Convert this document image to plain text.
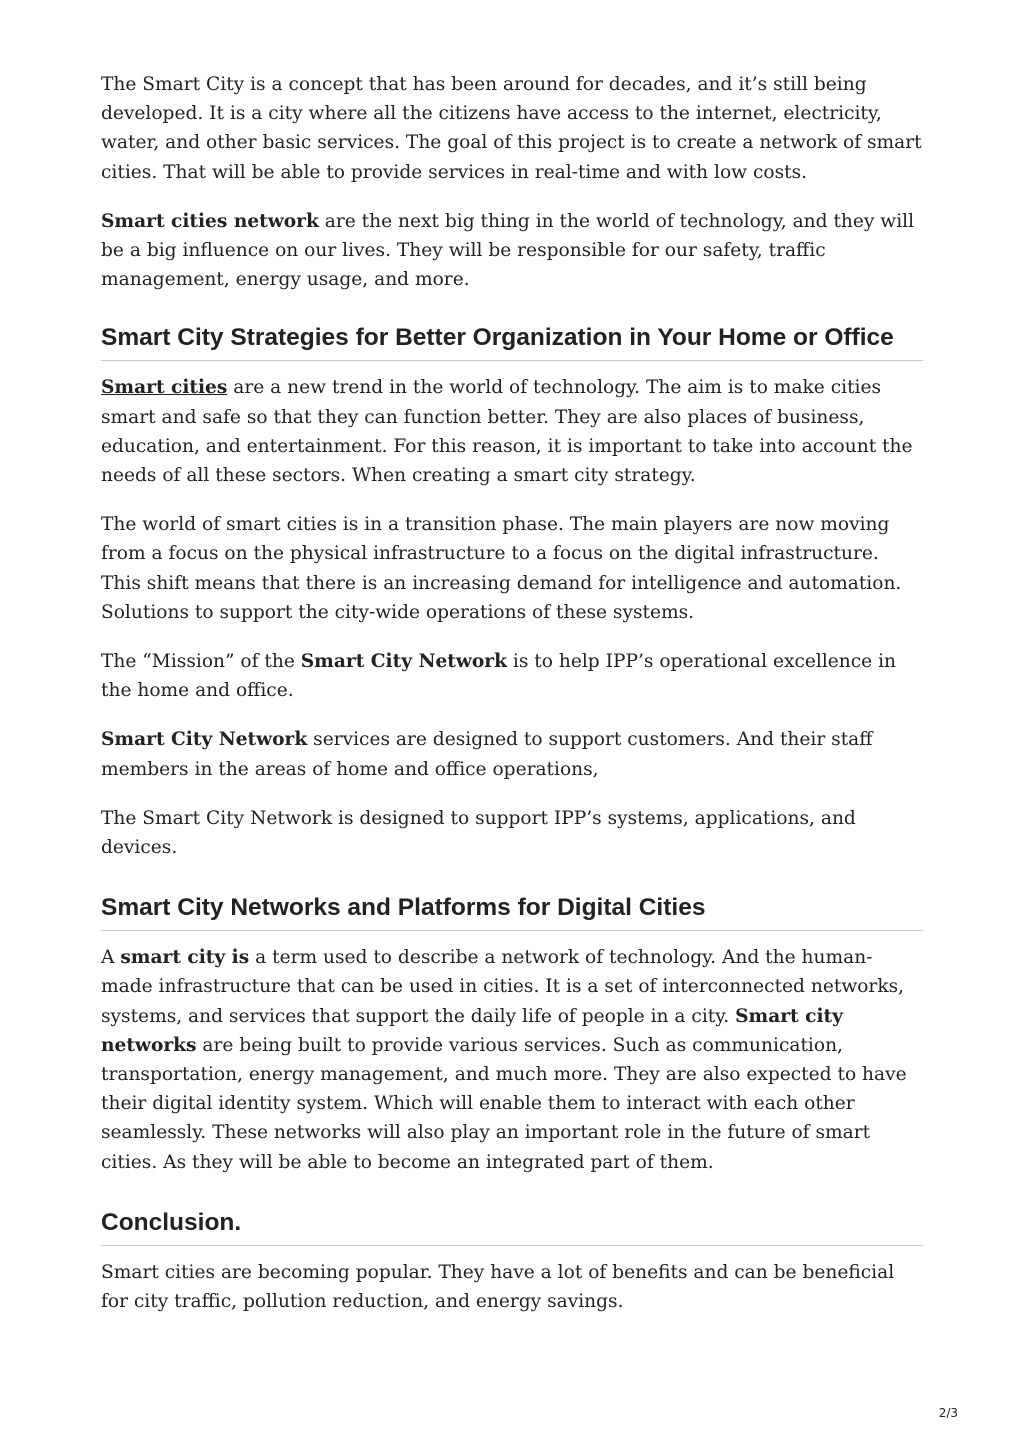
The Smart City is a concept that has been around for decades, and it’s still being developed. It is a city where all the citizens have access to the internet, electricity, water, and other basic services. The goal of this project is to create a network of smart cities. That will be able to provide services in real-time and with low costs.

Smart cities network are the next big thing in the world of technology, and they will be a big influence on our lives. They will be responsible for our safety, traffic management, energy usage, and more.

Smart City Strategies for Better Organization in Your Home or Office

Smart cities are a new trend in the world of technology. The aim is to make cities smart and safe so that they can function better. They are also places of business, education, and entertainment. For this reason, it is important to take into account the needs of all these sectors. When creating a smart city strategy.

The world of smart cities is in a transition phase. The main players are now moving from a focus on the physical infrastructure to a focus on the digital infrastructure. This shift means that there is an increasing demand for intelligence and automation. Solutions to support the city-wide operations of these systems.

The “Mission” of the Smart City Network is to help IPP’s operational excellence in the home and office.

Smart City Network services are designed to support customers. And their staff members in the areas of home and office operations,

The Smart City Network is designed to support IPP’s systems, applications, and devices.

Smart City Networks and Platforms for Digital Cities

A smart city is a term used to describe a network of technology. And the human-made infrastructure that can be used in cities. It is a set of interconnected networks, systems, and services that support the daily life of people in a city. Smart city networks are being built to provide various services. Such as communication, transportation, energy management, and much more. They are also expected to have their digital identity system. Which will enable them to interact with each other seamlessly. These networks will also play an important role in the future of smart cities. As they will be able to become an integrated part of them.

Conclusion.

Smart cities are becoming popular. They have a lot of benefits and can be beneficial for city traffic, pollution reduction, and energy savings.

2/3
